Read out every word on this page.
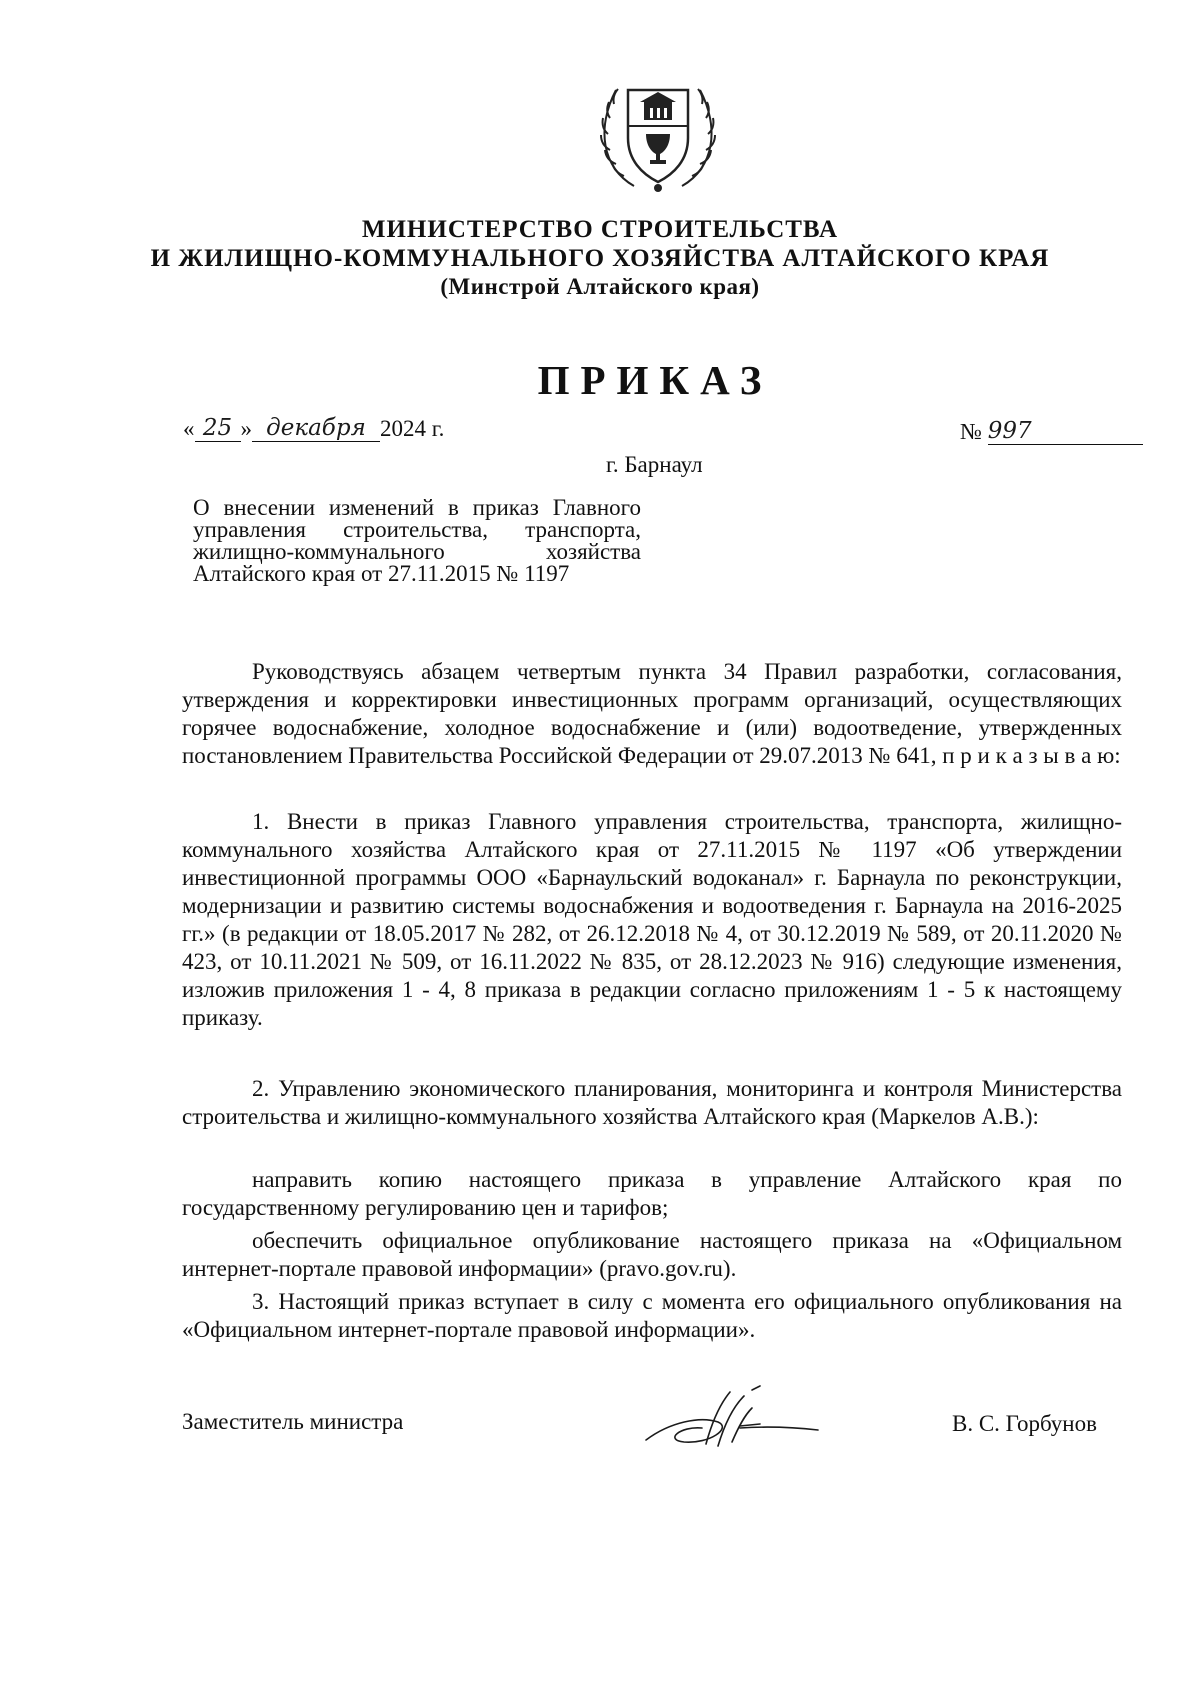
МИНИСТЕРСТВО СТРОИТЕЛЬСТВА
И ЖИЛИЩНО-КОММУНАЛЬНОГО ХОЗЯЙСТВА АЛТАЙСКОГО КРАЯ
(Минстрой Алтайского края)
ПРИКАЗ
« 25 » декабря 2024 г.	№ 997
г. Барнаул
О внесении изменений в приказ Главного управления строительства, транспорта, жилищно-коммунального хозяйства Алтайского края от 27.11.2015 № 1197

Руководствуясь абзацем четвертым пункта 34 Правил разработки, согласования, утверждения и корректировки инвестиционных программ организаций, осуществляющих горячее водоснабжение, холодное водоснабжение и (или) водоотведение, утвержденных постановлением Правительства Российской Федерации от 29.07.2013 № 641, п р и к а з ы в а ю:

1. Внести в приказ Главного управления строительства, транспорта, жилищно-коммунального хозяйства Алтайского края от 27.11.2015 № 1197 «Об утверждении инвестиционной программы ООО «Барнаульский водоканал» г. Барнаула по реконструкции, модернизации и развитию системы водоснабжения и водоотведения г. Барнаула на 2016-2025 гг.» (в редакции от 18.05.2017 № 282, от 26.12.2018 № 4, от 30.12.2019 № 589, от 20.11.2020 № 423, от 10.11.2021 № 509, от 16.11.2022 № 835, от 28.12.2023 № 916) следующие изменения, изложив приложения 1 - 4, 8 приказа в редакции согласно приложениям 1 - 5 к настоящему приказу.

2. Управлению экономического планирования, мониторинга и контроля Министерства строительства и жилищно-коммунального хозяйства Алтайского края (Маркелов А.В.):

направить копию настоящего приказа в управление Алтайского края по государственному регулированию цен и тарифов;

обеспечить официальное опубликование настоящего приказа на «Официальном интернет-портале правовой информации» (pravo.gov.ru).

3. Настоящий приказ вступает в силу с момента его официального опубликования на «Официальном интернет-портале правовой информации».

Заместитель министра	В. С. Горбунов
